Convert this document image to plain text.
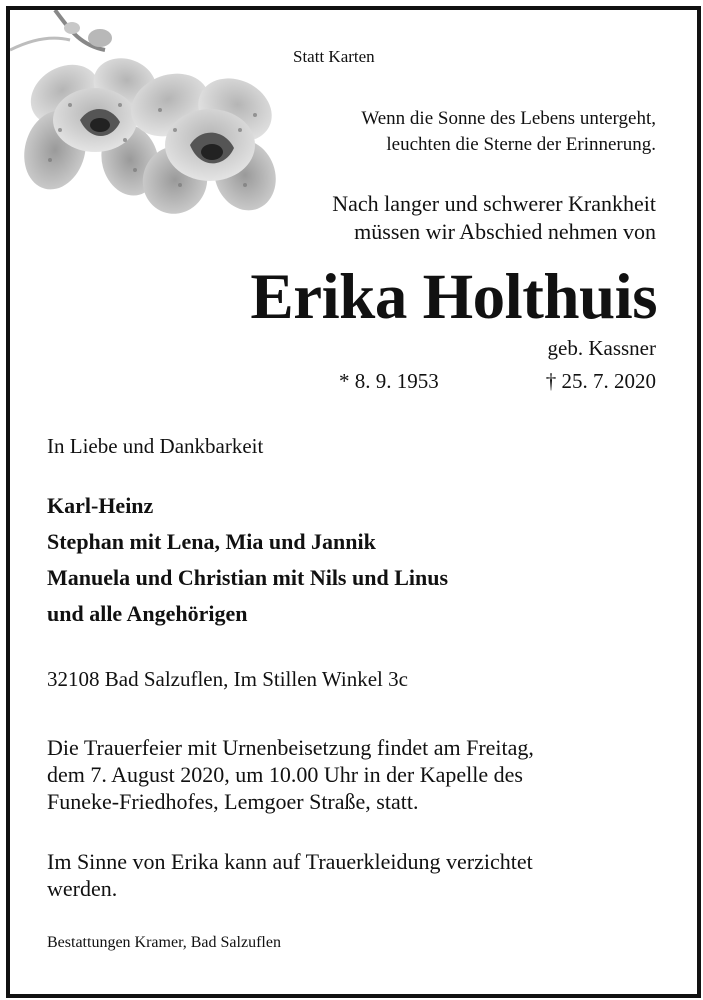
Statt Karten
Wenn die Sonne des Lebens untergeht,
leuchten die Sterne der Erinnerung.
Nach langer und schwerer Krankheit
müssen wir Abschied nehmen von
Erika Holthuis
geb. Kassner
* 8. 9. 1953	† 25. 7. 2020
In Liebe und Dankbarkeit
Karl-Heinz
Stephan mit Lena, Mia und Jannik
Manuela und Christian mit Nils und Linus
und alle Angehörigen
32108 Bad Salzuflen, Im Stillen Winkel 3c
Die Trauerfeier mit Urnenbeisetzung findet am Freitag,
dem 7. August 2020, um 10.00 Uhr in der Kapelle des
Funeke-Friedhofes, Lemgoer Straße, statt.
Im Sinne von Erika kann auf Trauerkleidung verzichtet
werden.
Bestattungen Kramer, Bad Salzuflen
